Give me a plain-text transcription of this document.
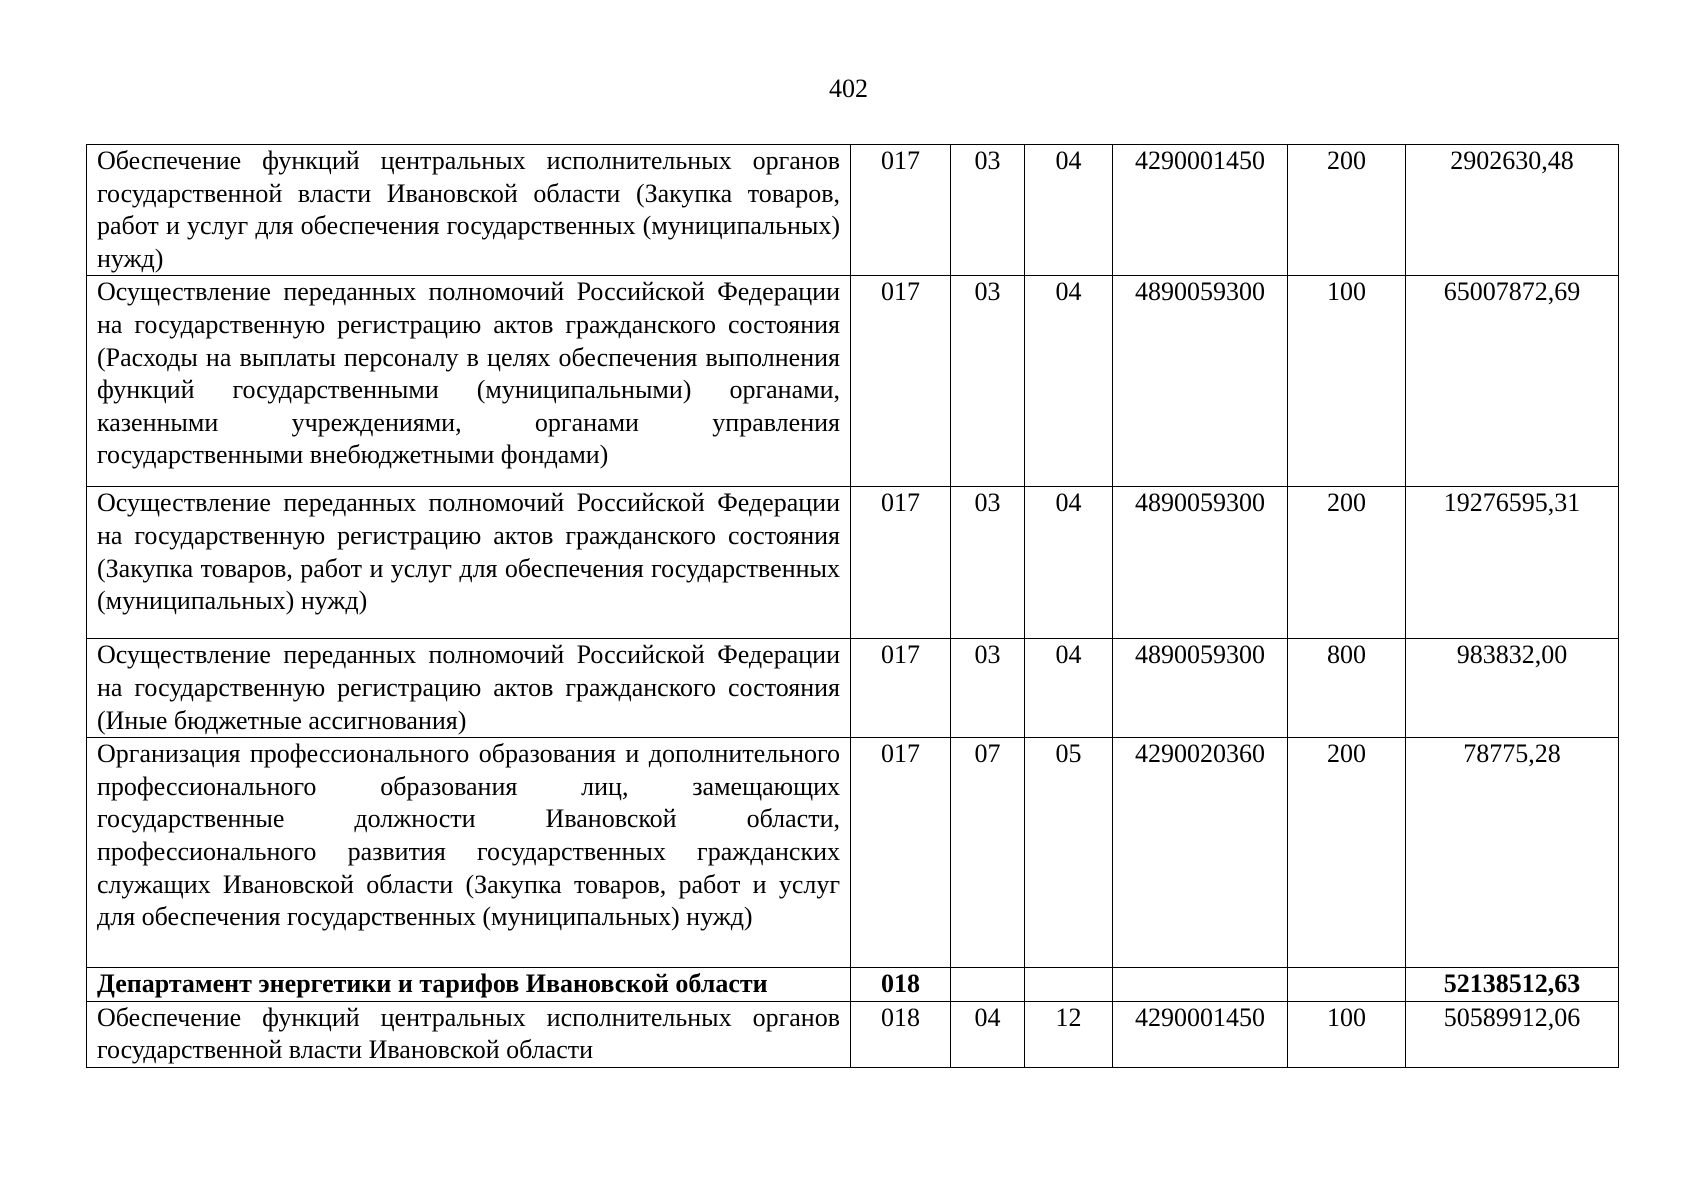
402
Обеспечение функций центральных исполнительных органов государственной власти Ивановской области (Закупка товаров, работ и услуг для обеспечения государственных (муниципальных) нужд)	017	03	04	4290001450	200	2902630,48
Осуществление переданных полномочий Российской Федерации на государственную регистрацию актов гражданского состояния (Расходы на выплаты персоналу в целях обеспечения выполнения функций государственными (муниципальными) органами, казенными учреждениями, органами управления государственными внебюджетными фондами)	017	03	04	4890059300	100	65007872,69
Осуществление переданных полномочий Российской Федерации на государственную регистрацию актов гражданского состояния (Закупка товаров, работ и услуг для обеспечения государственных (муниципальных) нужд)	017	03	04	4890059300	200	19276595,31
Осуществление переданных полномочий Российской Федерации на государственную регистрацию актов гражданского состояния (Иные бюджетные ассигнования)	017	03	04	4890059300	800	983832,00
Организация профессионального образования и дополнительного профессионального образования лиц, замещающих государственные должности Ивановской области, профессионального развития государственных гражданских служащих Ивановской области (Закупка товаров, работ и услуг для обеспечения государственных (муниципальных) нужд)	017	07	05	4290020360	200	78775,28
Департамент энергетики и тарифов Ивановской области	018					52138512,63
Обеспечение функций центральных исполнительных органов государственной власти Ивановской области	018	04	12	4290001450	100	50589912,06
